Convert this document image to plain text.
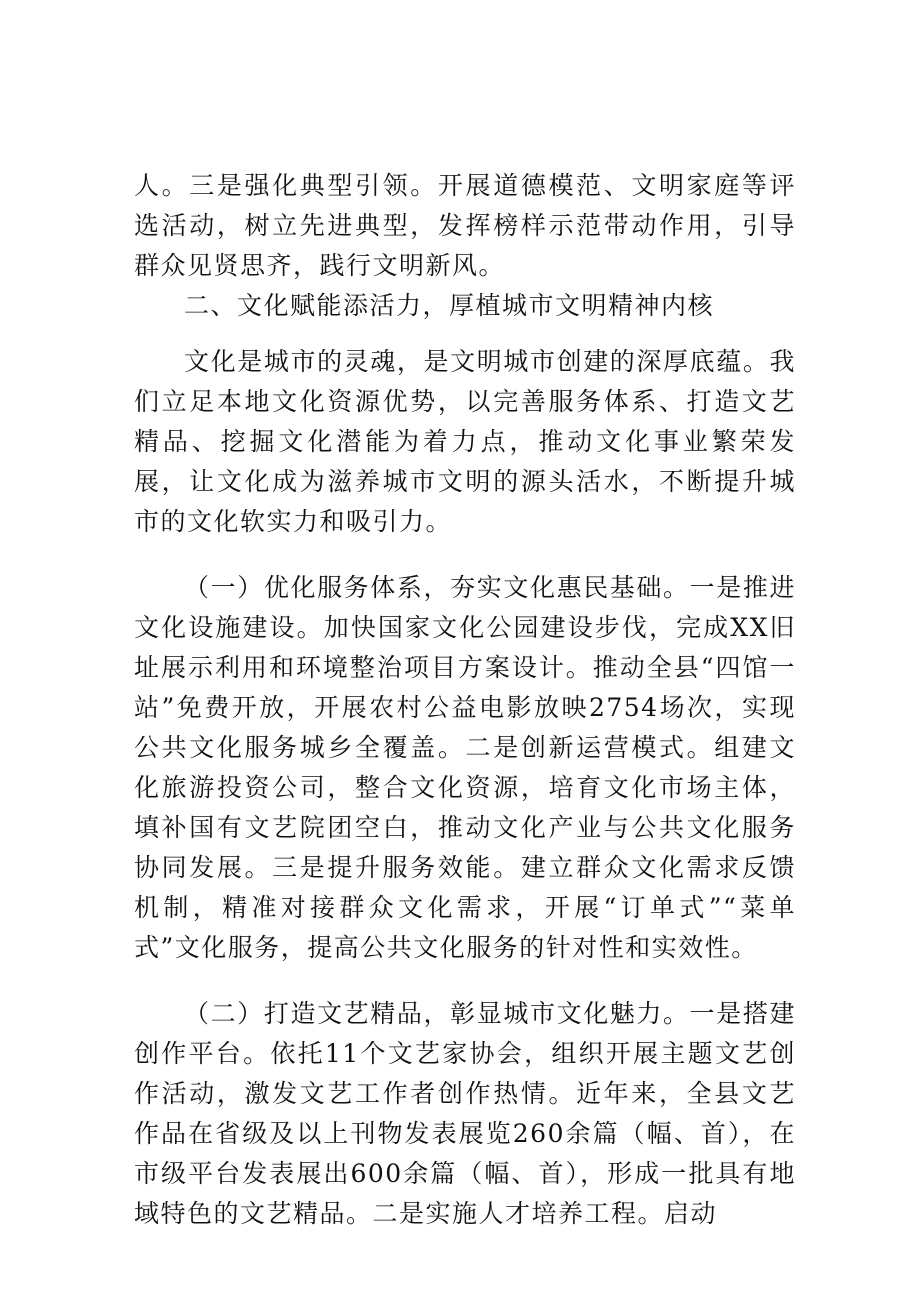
人。三是强化典型引领。开展道德模范、文明家庭等评选活动，树立先进典型，发挥榜样示范带动作用，引导群众见贤思齐，践行文明新风。

二、文化赋能添活力，厚植城市文明精神内核

文化是城市的灵魂，是文明城市创建的深厚底蕴。我们立足本地文化资源优势，以完善服务体系、打造文艺精品、挖掘文化潜能为着力点，推动文化事业繁荣发展，让文化成为滋养城市文明的源头活水，不断提升城市的文化软实力和吸引力。

（一）优化服务体系，夯实文化惠民基础。一是推进文化设施建设。加快国家文化公园建设步伐，完成XX旧址展示利用和环境整治项目方案设计。推动全县“四馆一站”免费开放，开展农村公益电影放映2754场次，实现公共文化服务城乡全覆盖。二是创新运营模式。组建文化旅游投资公司，整合文化资源，培育文化市场主体，填补国有文艺院团空白，推动文化产业与公共文化服务协同发展。三是提升服务效能。建立群众文化需求反馈机制，精准对接群众文化需求，开展“订单式”“菜单式”文化服务，提高公共文化服务的针对性和实效性。

（二）打造文艺精品，彰显城市文化魅力。一是搭建创作平台。依托11个文艺家协会，组织开展主题文艺创作活动，激发文艺工作者创作热情。近年来，全县文艺作品在省级及以上刊物发表展览260余篇（幅、首），在市级平台发表展出600余篇（幅、首），形成一批具有地域特色的文艺精品。二是实施人才培养工程。启动
